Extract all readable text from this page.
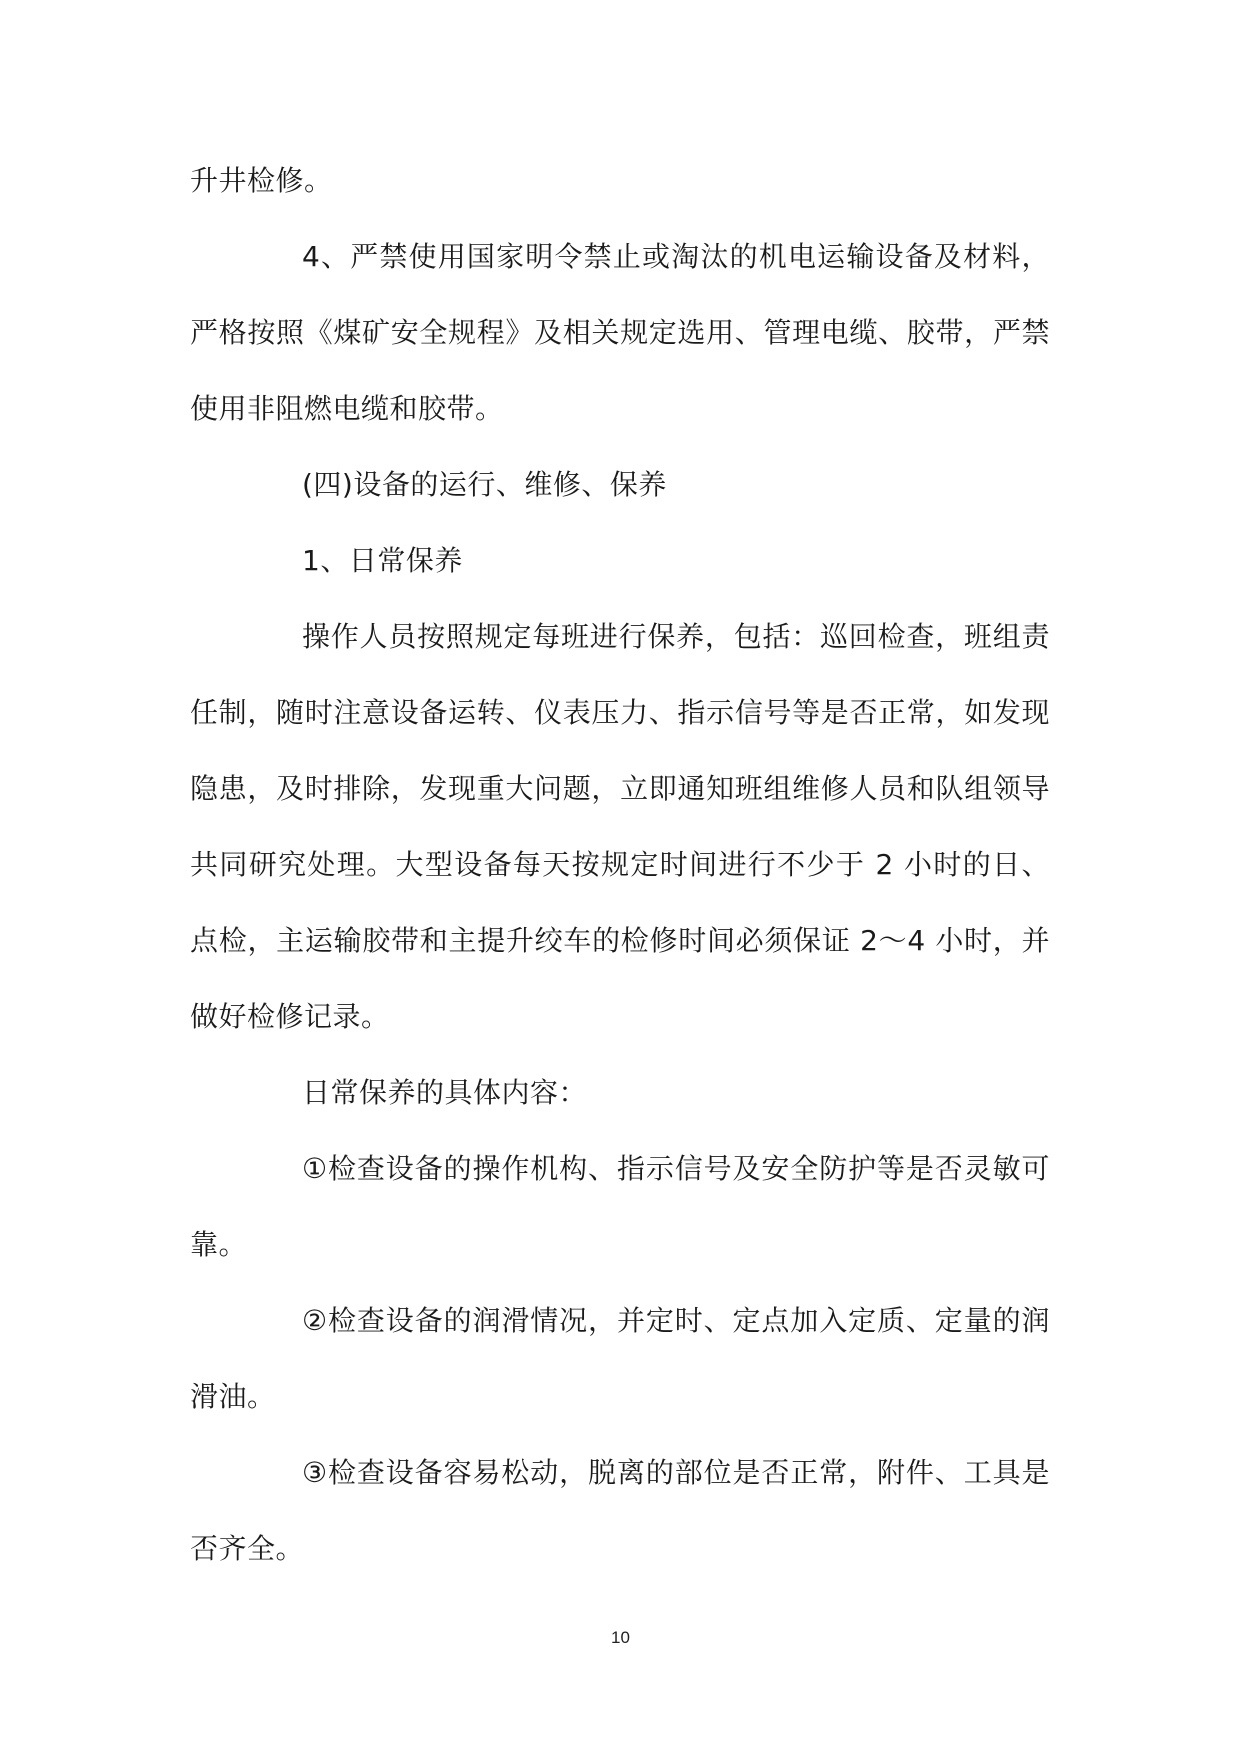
升井检修。

4、严禁使用国家明令禁止或淘汰的机电运输设备及材料，严格按照《煤矿安全规程》及相关规定选用、管理电缆、胶带，严禁使用非阻燃电缆和胶带。

(四)设备的运行、维修、保养

1、日常保养

操作人员按照规定每班进行保养，包括：巡回检查，班组责任制，随时注意设备运转、仪表压力、指示信号等是否正常，如发现隐患，及时排除，发现重大问题，立即通知班组维修人员和队组领导共同研究处理。大型设备每天按规定时间进行不少于 2 小时的日、点检，主运输胶带和主提升绞车的检修时间必须保证 2～4 小时，并做好检修记录。

日常保养的具体内容：

①检查设备的操作机构、指示信号及安全防护等是否灵敏可靠。

②检查设备的润滑情况，并定时、定点加入定质、定量的润滑油。

③检查设备容易松动，脱离的部位是否正常，附件、工具是否齐全。

10
